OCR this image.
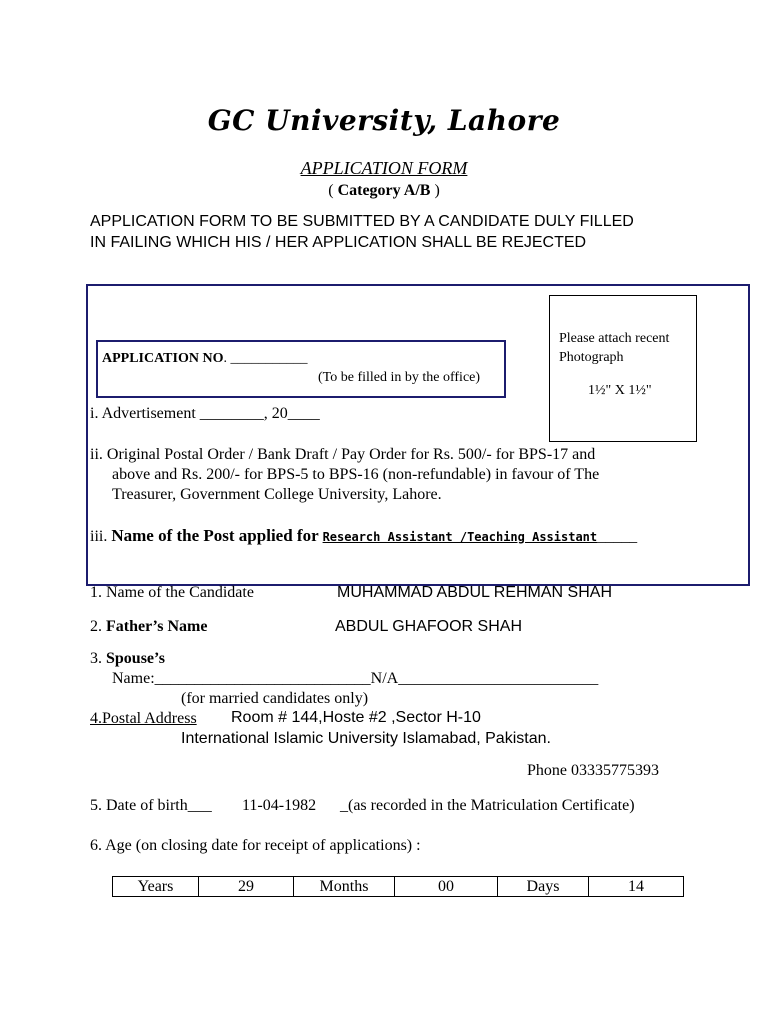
GC University, Lahore
APPLICATION FORM
( Category A/B )
APPLICATION FORM TO BE SUBMITTED BY A CANDIDATE DULY FILLED IN FAILING WHICH HIS / HER APPLICATION SHALL BE REJECTED
Please attach recent
Photograph
1½" X 1½"
APPLICATION NO. ___________
(To be filled in by the office)
i. Advertisement ________, 20____
ii. Original Postal Order / Bank Draft / Pay Order for Rs. 500/- for BPS-17 and
above and Rs. 200/- for BPS-5 to BPS-16 (non-refundable) in favour of The
Treasurer, Government College University, Lahore.
iii. Name of the Post applied for Research Assistant /Teaching Assistant_____
1. Name of the Candidate	MUHAMMAD ABDUL REHMAN SHAH
2. Father’s Name	ABDUL GHAFOOR SHAH
3. Spouse’s
Name:___________________________N/A_________________________
(for married candidates only)
4.Postal Address Room # 144,Hoste #2 ,Sector H-10
International Islamic University Islamabad, Pakistan.
Phone 03335775393
5. Date of birth___ 11-04-1982 _(as recorded in the Matriculation Certificate)
6. Age (on closing date for receipt of applications) :
Years	29	Months	00	Days	14
